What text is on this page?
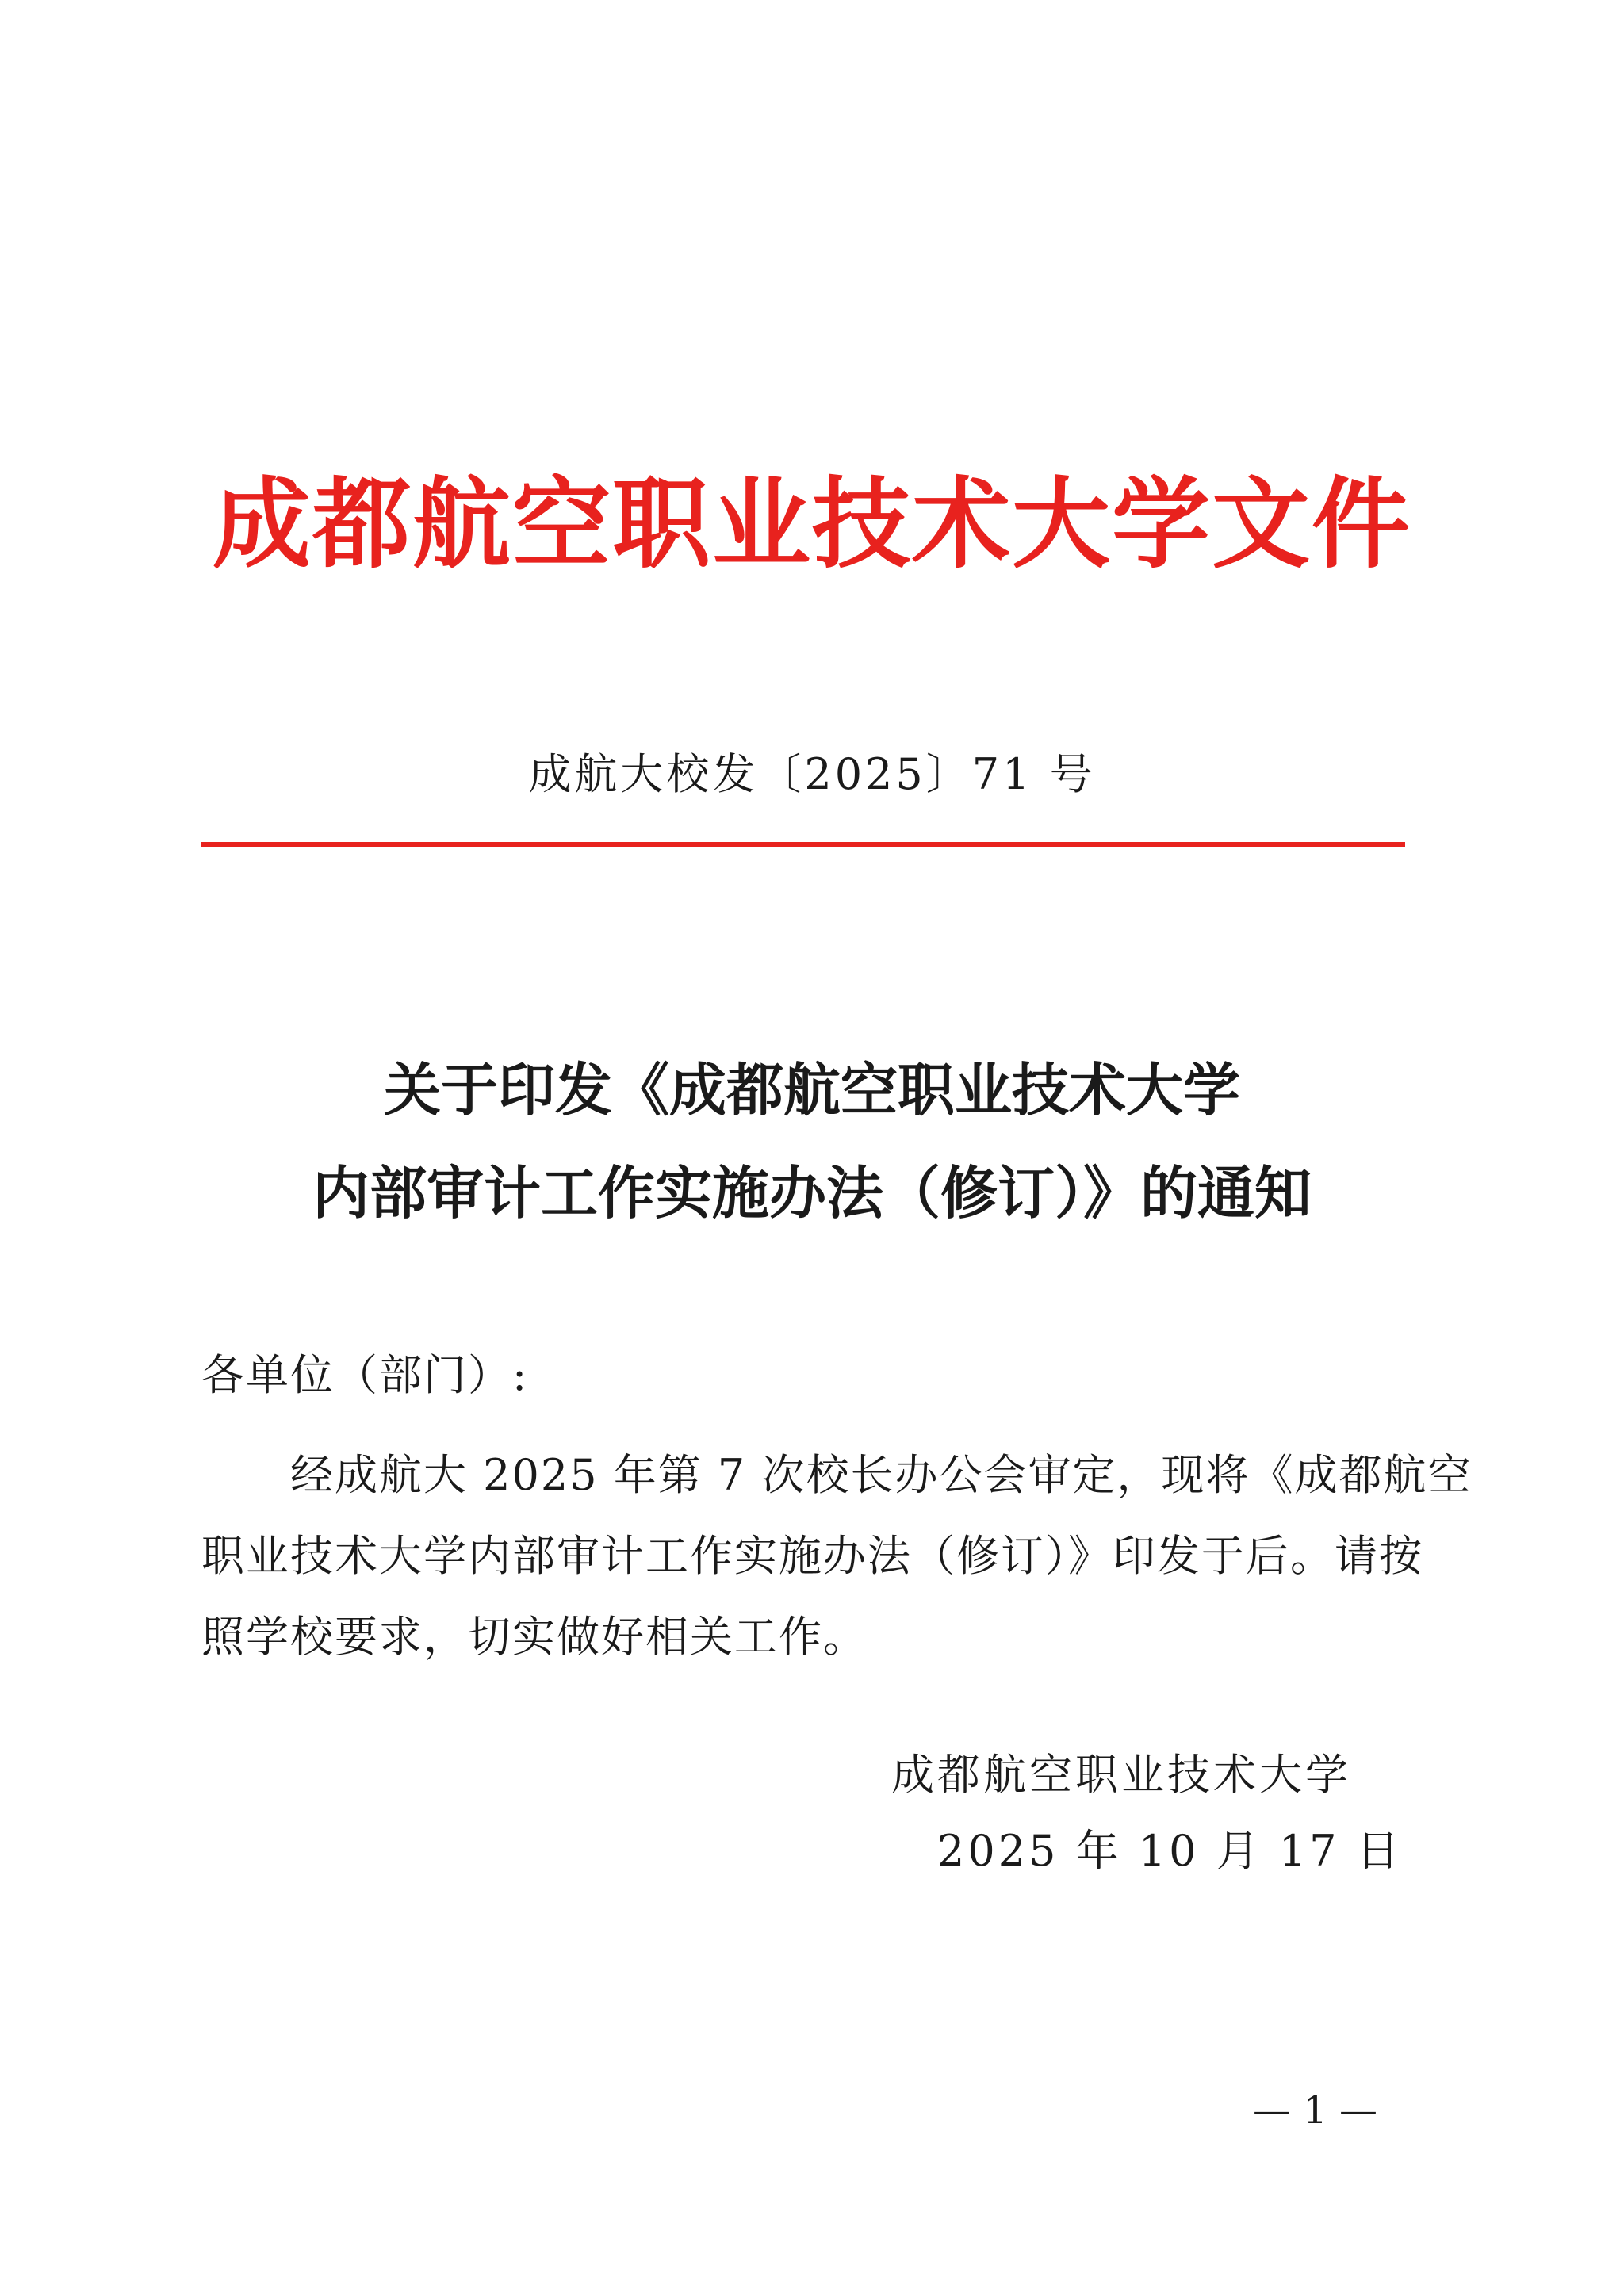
成都航空职业技术大学文件
成航大校发〔2025〕71 号
关于印发《成都航空职业技术大学
内部审计工作实施办法（修订）》的通知
各单位（部门）:
　　经成航大 2025 年第 7 次校长办公会审定，现将《成都航空
职业技术大学内部审计工作实施办法（修订）》印发于后。请按
照学校要求，切实做好相关工作。
成都航空职业技术大学
2025 年 10 月 17 日
— 1 —
